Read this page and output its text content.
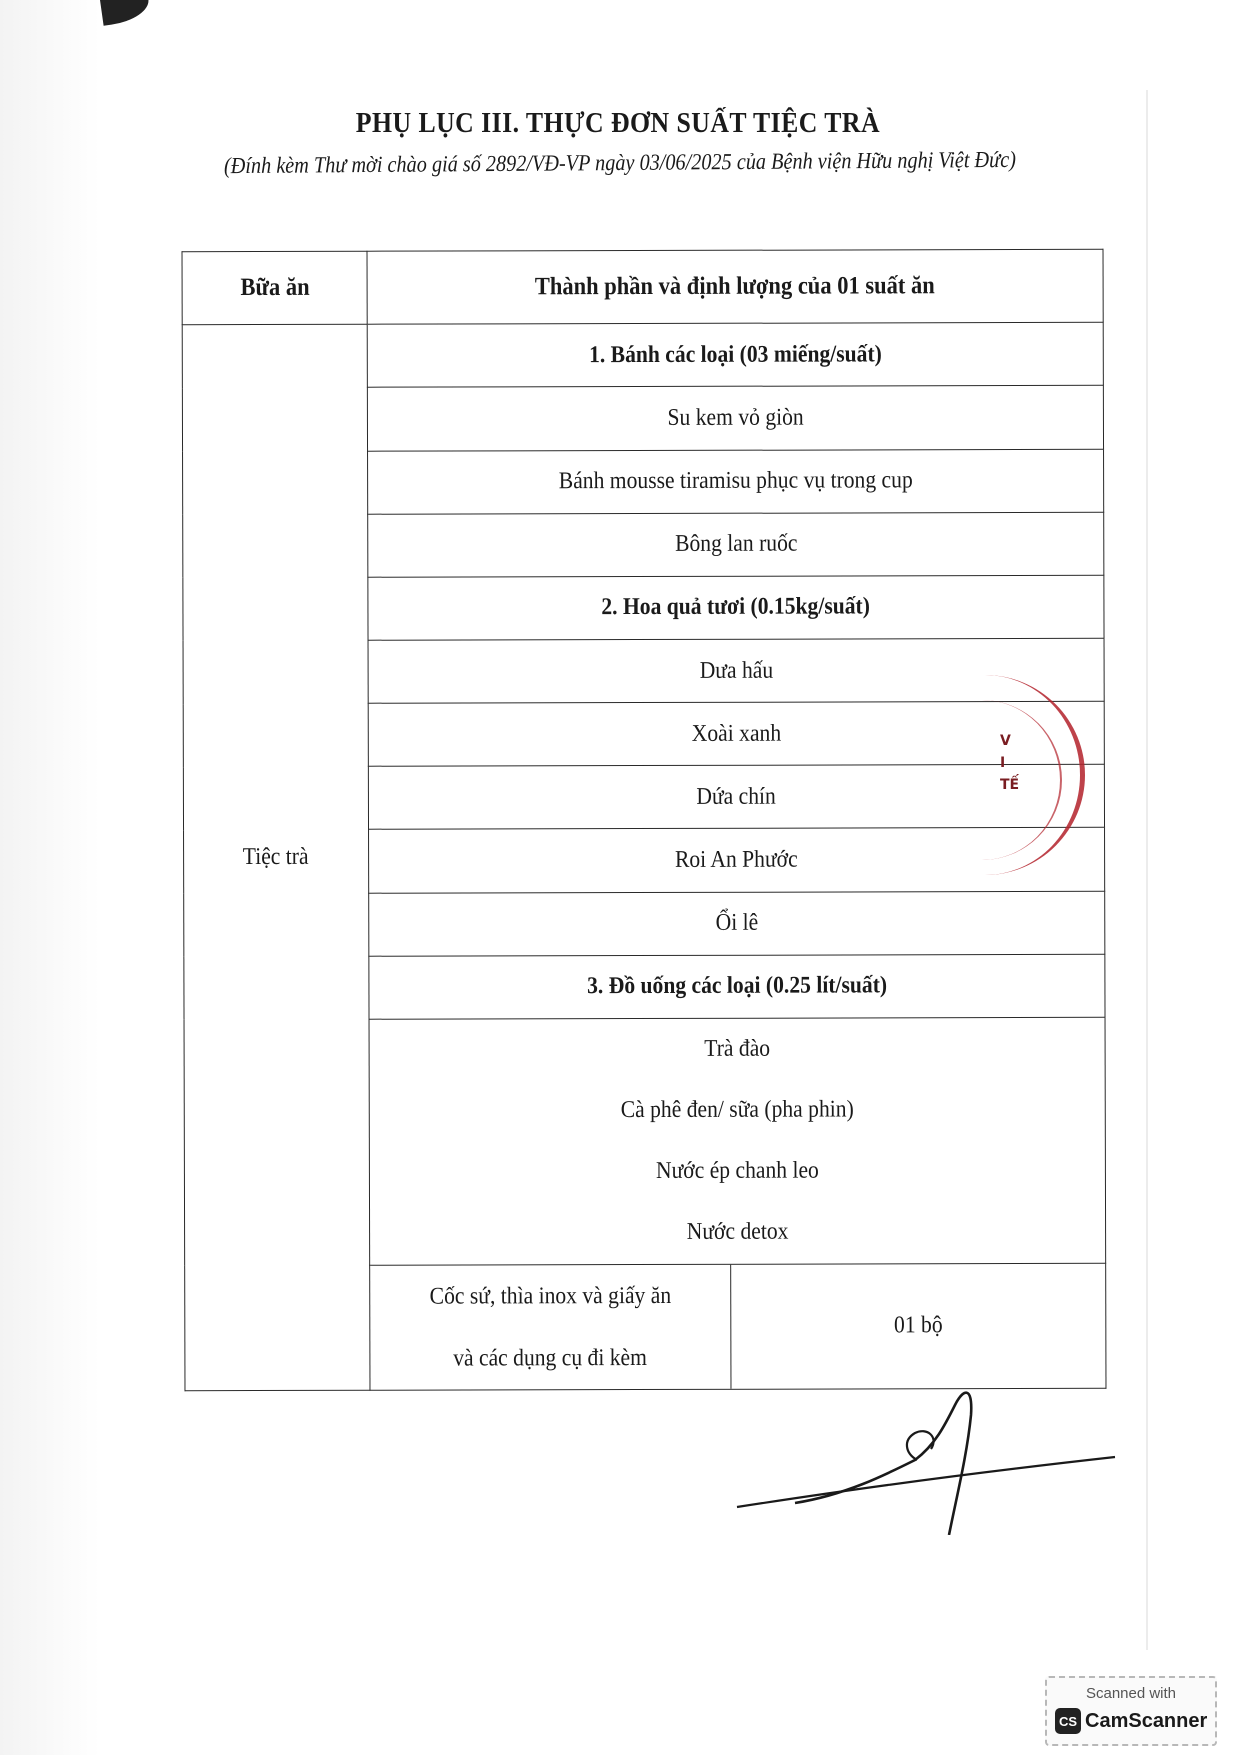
PHỤ LỤC III. THỰC ĐƠN SUẤT TIỆC TRÀ
(Đính kèm Thư mời chào giá số 2892/VĐ-VP ngày 03/06/2025 của Bệnh viện Hữu nghị Việt Đức)
Bữa ăn	Thành phần và định lượng của 01 suất ăn
Tiệc trà	1. Bánh các loại (03 miếng/suất)
Su kem vỏ giòn
Bánh mousse tiramisu phục vụ trong cup
Bông lan ruốc
2. Hoa quả tươi (0.15kg/suất)
Dưa hấu
Xoài xanh
Dứa chín
Roi An Phước
Ổi lê
3. Đồ uống các loại (0.25 lít/suất)

Trà đào
Cà phê đen/ sữa (pha phin)
Nước ép chanh leo
Nước detox

Cốc sứ, thìa inox và giấy ăn
và các dụng cụ đi kèm
	01 bộ
V
I
TẾ
Scanned with
CS CamScanner
